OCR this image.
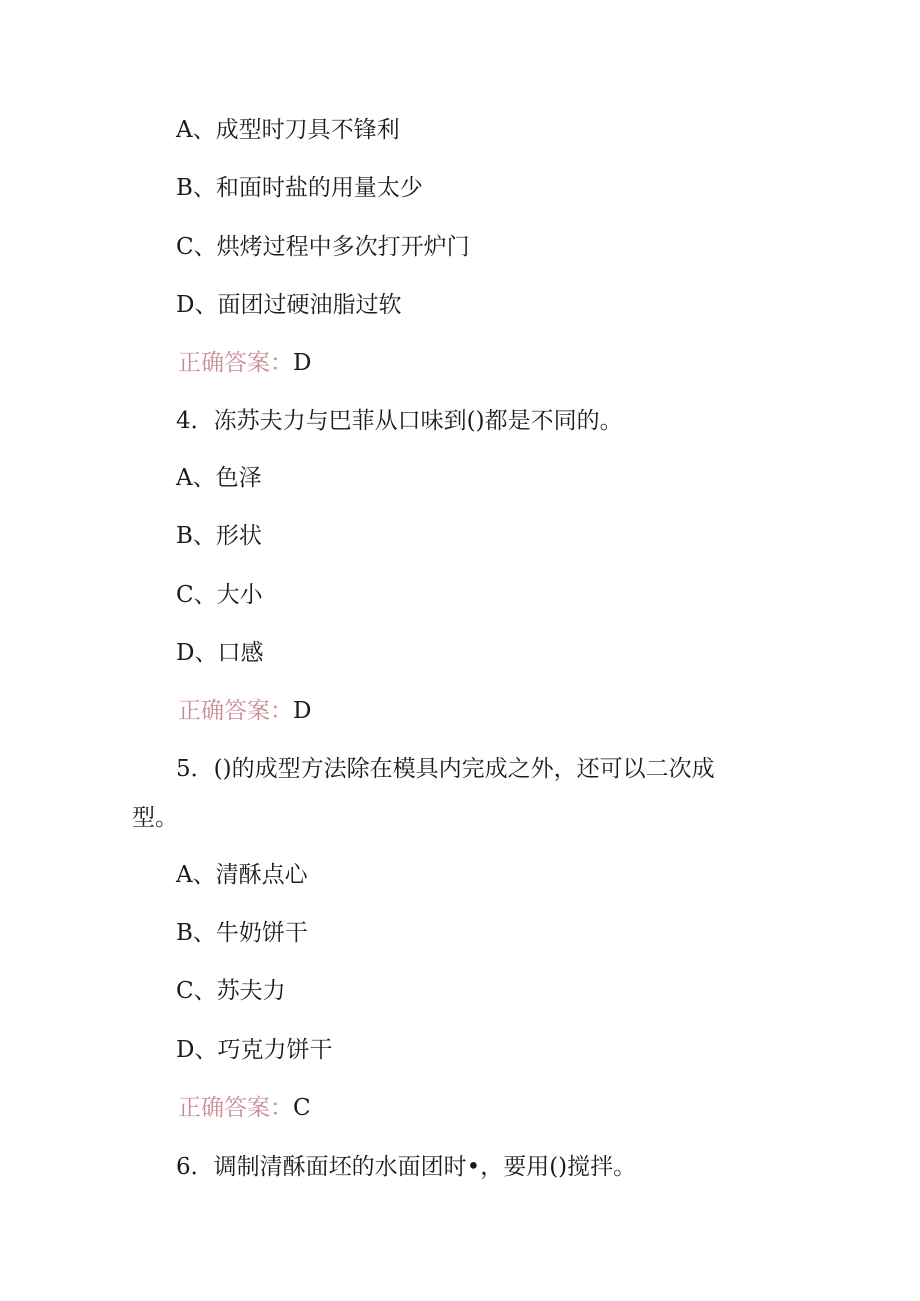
A、成型时刀具不锋利
B、和面时盐的用量太少
C、烘烤过程中多次打开炉门
D、面团过硬油脂过软
正确答案：D
4．冻苏夫力与巴菲从口味到()都是不同的。
A、色泽
B、形状
C、大小
D、口感
正确答案：D
5．()的成型方法除在模具内完成之外，还可以二次成
型。
A、清酥点心
B、牛奶饼干
C、苏夫力
D、巧克力饼干
正确答案：C
6．调制清酥面坯的水面团时•，要用()搅拌。
